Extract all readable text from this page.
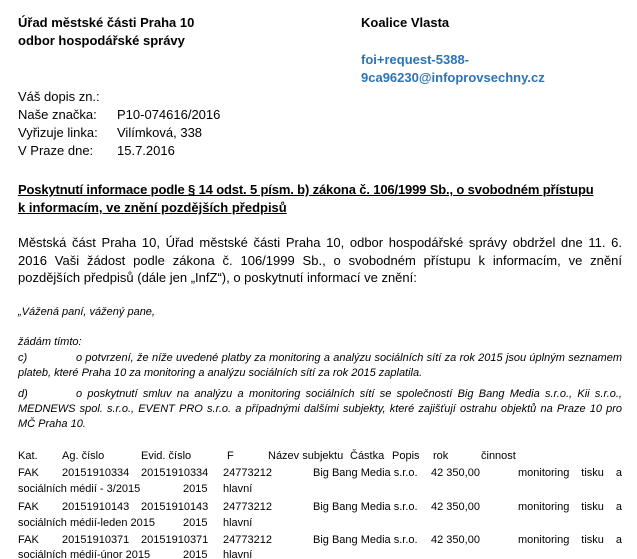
Úřad městské části Praha 10
odbor hospodářské správy
Koalice Vlasta
foi+request-5388-
9ca96230@infoprovsechny.cz
Váš dopis zn.:
Naše značka: P10-074616/2016
Vyřizuje linka: Vilímková, 338
V Praze dne: 15.7.2016
Poskytnutí informace podle § 14 odst. 5 písm. b) zákona č. 106/1999 Sb., o svobodném přístupu
k informacím, ve znění pozdějších předpisů
Městská část Praha 10, Úřad městské části Praha 10, odbor hospodářské správy obdržel dne 11. 6. 2016 Vaši žádost podle zákona č. 106/1999 Sb., o svobodném přístupu k informacím, ve znění pozdějších předpisů (dále jen „InfZ“), o poskytnutí informací ve znění:
„Vážená paní, vážený pane,
žádám tímto:
c)	o potvrzení, že níže uvedené platby za monitoring a analýzu sociálních sítí za rok 2015 jsou úplným seznamem plateb, které Praha 10 za monitoring a analýzu sociálních sítí za rok 2015 zaplatila.
d)	o poskytnutí smluv na analýzu a monitoring sociálních sítí se společností Big Bang Media s.r.o., Kii s.r.o., MEDNEWS spol. s.r.o., EVENT PRO s.r.o. a případnými dalšími subjekty, které zajišťují ostrahu objektů na Praze 10 pro MČ Praha 10.
Kat. Ag. číslo	Evid. číslo	F	Název subjektu Částka Popis rok	činnost
FAK 20151910334 20151910334 24773212	Big Bang Media s.r.o. 42 350,00	monitoring tisku a
sociálních médií - 3/2015	2015 hlavní
FAK 20151910143 20151910143 24773212	Big Bang Media s.r.o. 42 350,00	monitoring tisku a
sociálních médií-leden 2015	2015 hlavní
FAK 20151910371 20151910371 24773212	Big Bang Media s.r.o. 42 350,00	monitoring tisku a
sociálních médií-únor 2015	2015 hlavní
